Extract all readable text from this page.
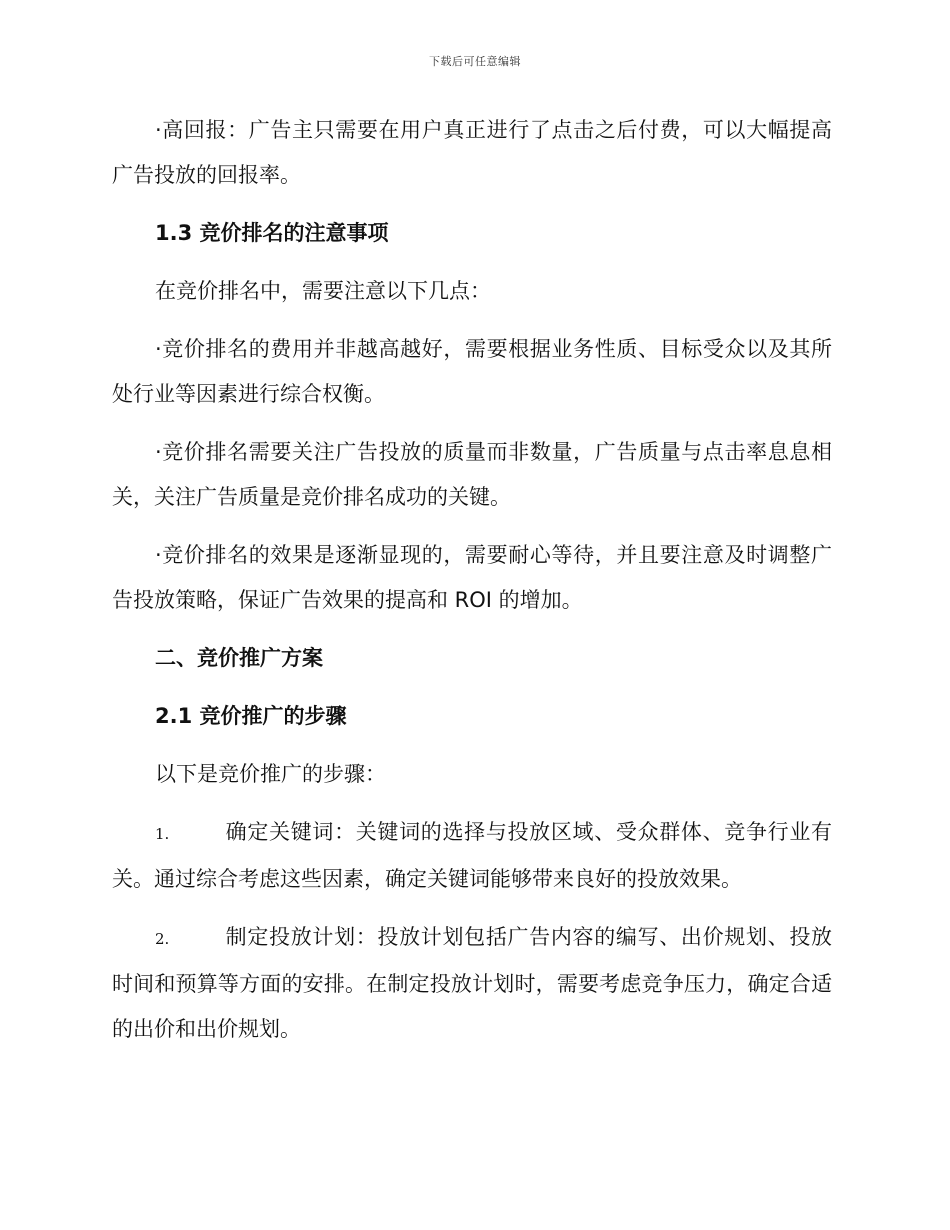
下载后可任意编辑

·高回报：广告主只需要在用户真正进行了点击之后付费，可以大幅提高广告投放的回报率。

1.3 竞价排名的注意事项

在竞价排名中，需要注意以下几点：

·竞价排名的费用并非越高越好，需要根据业务性质、目标受众以及其所处行业等因素进行综合权衡。

·竞价排名需要关注广告投放的质量而非数量，广告质量与点击率息息相关，关注广告质量是竞价排名成功的关键。

·竞价排名的效果是逐渐显现的，需要耐心等待，并且要注意及时调整广告投放策略，保证广告效果的提高和 ROI 的增加。

二、竞价推广方案
2.1 竞价推广的步骤

以下是竞价推广的步骤：

1.	确定关键词：关键词的选择与投放区域、受众群体、竞争行业有关。通过综合考虑这些因素，确定关键词能够带来良好的投放效果。

2.	制定投放计划：投放计划包括广告内容的编写、出价规划、投放时间和预算等方面的安排。在制定投放计划时，需要考虑竞争压力，确定合适的出价和出价规划。
